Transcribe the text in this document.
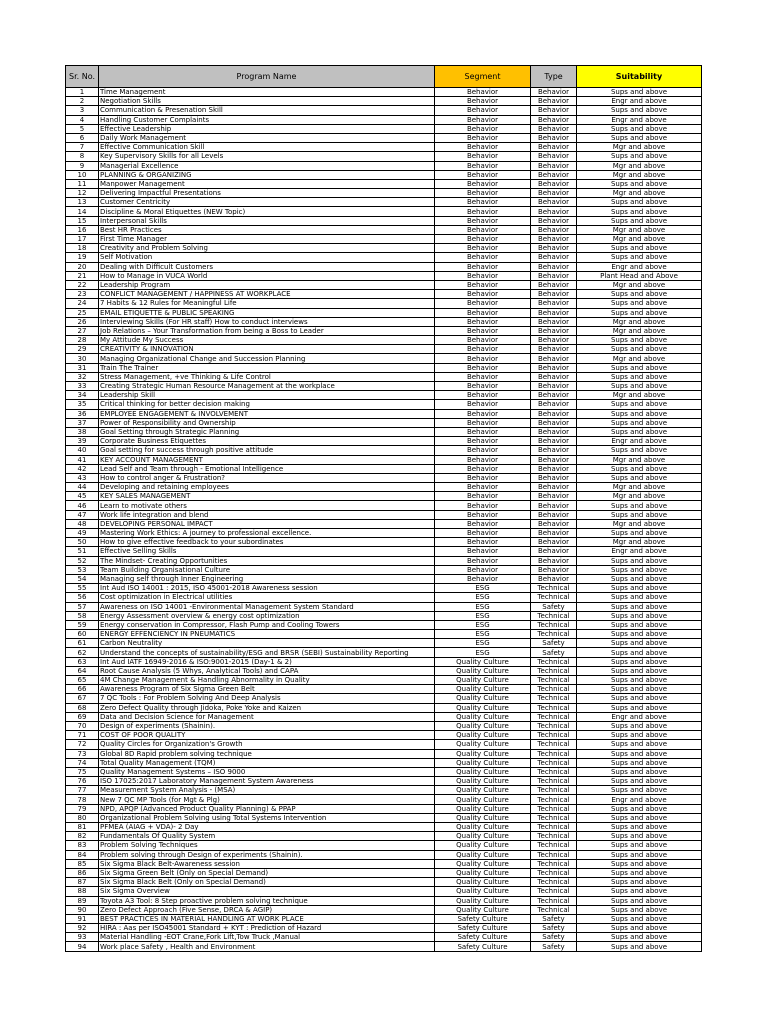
Sr. No.	Program Name	Segment	Type	Suitability
1	Time Management	Behavior	Behavior	Sups and above
2	Negotiation Skills	Behavior	Behavior	Engr and above
3	Communication & Presenation Skill	Behavior	Behavior	Sups and above
4	Handling Customer Complaints	Behavior	Behavior	Engr and above
5	Effective Leadership	Behavior	Behavior	Sups and above
6	Daily Work Management	Behavior	Behavior	Sups and above
7	Effective Communication Skill	Behavior	Behavior	Mgr and above
8	Key Supervisory Skills for all Levels	Behavior	Behavior	Sups and above
9	Managerial Excellence	Behavior	Behavior	Mgr and above
10	PLANNING & ORGANIZING	Behavior	Behavior	Mgr and above
11	Manpower Management	Behavior	Behavior	Sups and above
12	Delivering Impactful Presentations	Behavior	Behavior	Mgr and above
13	Customer Centricity	Behavior	Behavior	Sups and above
14	Discipline & Moral Etiquettes (NEW Topic)	Behavior	Behavior	Sups and above
15	Interpersonal Skills	Behavior	Behavior	Sups and above
16	Best HR Practices	Behavior	Behavior	Mgr and above
17	First Time Manager	Behavior	Behavior	Mgr and above
18	Creativity and Problem Solving	Behavior	Behavior	Sups and above
19	Self Motivation	Behavior	Behavior	Sups and above
20	Dealing with Difficult Customers	Behavior	Behavior	Engr and above
21	How to Manage in VUCA World	Behavior	Behavior	Plant Head and Above
22	Leadership Program	Behavior	Behavior	Mgr and above
23	CONFLICT MANAGEMENT / HAPPINESS AT WORKPLACE	Behavior	Behavior	Sups and above
24	7 Habits & 12 Rules for Meaningful Life	Behavior	Behavior	Sups and above
25	EMAIL ETIQUETTE & PUBLIC SPEAKING	Behavior	Behavior	Sups and above
26	Interviewing Skills (For HR staff) How to conduct interviews	Behavior	Behavior	Mgr and above
27	Job Relations – Your Transformation from being a Boss to Leader	Behavior	Behavior	Mgr and above
28	My Attitude My Success	Behavior	Behavior	Sups and above
29	CREATIVITY & INNOVATION	Behavior	Behavior	Sups and above
30	Managing Organizational Change and Succession Planning	Behavior	Behavior	Mgr and above
31	Train The Trainer	Behavior	Behavior	Sups and above
32	Stress Management, +ve Thinking & Life Control	Behavior	Behavior	Sups and above
33	Creating Strategic Human Resource Management at the workplace	Behavior	Behavior	Sups and above
34	Leadership Skill	Behavior	Behavior	Mgr and above
35	Critical thinking for better decision making	Behavior	Behavior	Sups and above
36	EMPLOYEE ENGAGEMENT & INVOLVEMENT	Behavior	Behavior	Sups and above
37	Power of Responsibility and Ownership	Behavior	Behavior	Sups and above
38	Goal Setting through Strategic Planning	Behavior	Behavior	Sups and above
39	Corporate Business Etiquettes	Behavior	Behavior	Engr and above
40	Goal setting for success through positive attitude	Behavior	Behavior	Sups and above
41	KEY ACCOUNT MANAGEMENT	Behavior	Behavior	Mgr and above
42	Lead Self and Team through - Emotional Intelligence	Behavior	Behavior	Sups and above
43	How to control anger & Frustration?	Behavior	Behavior	Sups and above
44	Developing and retaining employees	Behavior	Behavior	Mgr and above
45	KEY SALES MANAGEMENT	Behavior	Behavior	Mgr and above
46	Learn to motivate others	Behavior	Behavior	Sups and above
47	Work life integration and blend	Behavior	Behavior	Sups and above
48	DEVELOPING PERSONAL IMPACT	Behavior	Behavior	Mgr and above
49	Mastering Work Ethics: A journey to professional excellence.	Behavior	Behavior	Sups and above
50	How to give effective feedback to your subordinates	Behavior	Behavior	Mgr and above
51	Effective Selling Skills	Behavior	Behavior	Engr and above
52	The Mindset- Creating Opportunities	Behavior	Behavior	Sups and above
53	Team Building Organisational Culture	Behavior	Behavior	Sups and above
54	Managing self through Inner Engineering	Behavior	Behavior	Sups and above
55	Int Aud ISO 14001 : 2015, ISO 45001-2018 Awareness session	ESG	Technical	Sups and above
56	Cost optimization in Electrical utilities	ESG	Technical	Sups and above
57	Awareness on ISO 14001 -Environmental Management System Standard	ESG	Safety	Sups and above
58	Energy Assessment overview & energy cost optimization	ESG	Technical	Sups and above
59	Energy conservation in Compressor, Flash Pump and Cooling Towers	ESG	Technical	Sups and above
60	ENERGY EFFENCIENCY IN PNEUMATICS	ESG	Technical	Sups and above
61	Carbon Neutrality	ESG	Safety	Sups and above
62	Understand the concepts of sustainability/ESG and BRSR (SEBI) Sustainability Reporting	ESG	Safety	Sups and above
63	Int Aud IATF 16949-2016 & ISO:9001-2015 (Day-1 & 2)	Quality Culture	Technical	Sups and above
64	Root Cause Analysis (5 Whys, Analytical Tools) and CAPA	Quality Culture	Technical	Sups and above
65	4M Change Management & Handling Abnormality in Quality	Quality Culture	Technical	Sups and above
66	Awareness Program of Six Sigma Green Belt	Quality Culture	Technical	Sups and above
67	7 QC Tools : For Problem Solving And Deep Analysis	Quality Culture	Technical	Sups and above
68	Zero Defect Quality through Jidoka, Poke Yoke and Kaizen	Quality Culture	Technical	Sups and above
69	Data and Decision Science for Management	Quality Culture	Technical	Engr and above
70	Design of experiments (Shainin).	Quality Culture	Technical	Sups and above
71	COST OF POOR QUALITY	Quality Culture	Technical	Sups and above
72	Quality Circles for Organization's Growth	Quality Culture	Technical	Sups and above
73	Global 8D Rapid problem solving technique	Quality Culture	Technical	Sups and above
74	Total Quality Management (TQM)	Quality Culture	Technical	Sups and above
75	Quality Management Systems – ISO 9000	Quality Culture	Technical	Sups and above
76	ISO 17025:2017 Laboratory Management System Awareness	Quality Culture	Technical	Sups and above
77	Measurement System Analysis - (MSA)	Quality Culture	Technical	Sups and above
78	New 7 QC MP Tools (for Mgt & Plg)	Quality Culture	Technical	Engr and above
79	NPD, APQP (Advanced Product Quality Planning) & PPAP	Quality Culture	Technical	Sups and above
80	Organizational Problem Solving using Total Systems Intervention	Quality Culture	Technical	Sups and above
81	PFMEA (AIAG + VDA)- 2 Day	Quality Culture	Technical	Sups and above
82	Fundamentals Of Quality System	Quality Culture	Technical	Sups and above
83	Problem Solving Techniques	Quality Culture	Technical	Sups and above
84	Problem solving through Design of experiments (Shainin).	Quality Culture	Technical	Sups and above
85	Six Sigma Black Belt-Awareness session	Quality Culture	Technical	Sups and above
86	Six Sigma Green Belt (Only on Special Demand)	Quality Culture	Technical	Sups and above
87	Six Sigma Black Belt (Only on Special Demand)	Quality Culture	Technical	Sups and above
88	Six Sigma Overview	Quality Culture	Technical	Sups and above
89	Toyota A3 Tool: 8 Step proactive problem solving technique	Quality Culture	Technical	Sups and above
90	Zero Defect Approach (Five Sense, DRCA & AGIP)	Quality Culture	Technical	Sups and above
91	BEST PRACTICES IN MATERIAL HANDLING AT WORK PLACE	Safety Culture	Safety	Sups and above
92	HIRA : Aas per ISO45001 Standard + KYT : Prediction of Hazard	Safety Culture	Safety	Sups and above
93	Material Handling -EOT Crane,Fork Lift,Tow Truck ,Manual	Safety Culture	Safety	Sups and above
94	Work place Safety , Health and Environment	Safety Culture	Safety	Sups and above
